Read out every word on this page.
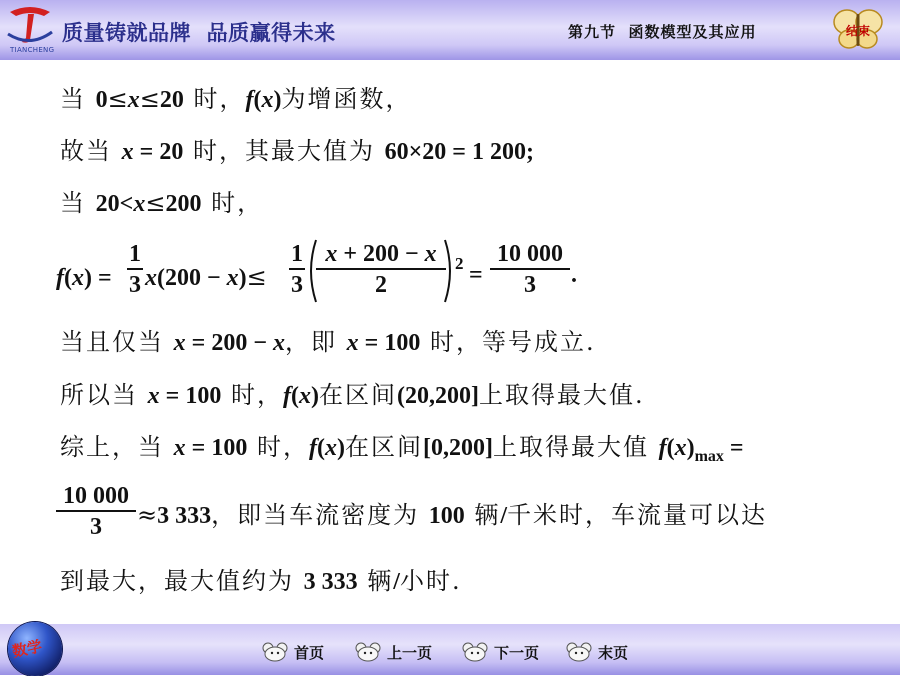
TIANCHENG
质量铸就品牌  品质赢得未来	第九节  函数模型及其应用	结束
当 0≤x≤20 时，f(x)为增函数，
故当 x = 20 时，其最大值为 60×20 = 1 200;
当 20<x≤200 时，
f(x) =
1
3 x(200 − x)≤
1
3
x + 200 − x
2
2 =
10 000
3	.
当且仅当 x = 200 − x，即 x = 100 时，等号成立.
所以当 x = 100 时，f(x)在区间(20,200]上取得最大值.
综上，当 x = 100 时，f(x)在区间[0,200]上取得最大值 $f(x)_{max}$ =
10 000
3	≈3 333，即当车流密度为 100 辆/千米时，车流量可以达
到最大，最大值约为 3 333 辆/小时.
数学	首页	上一页	下一页	末页
